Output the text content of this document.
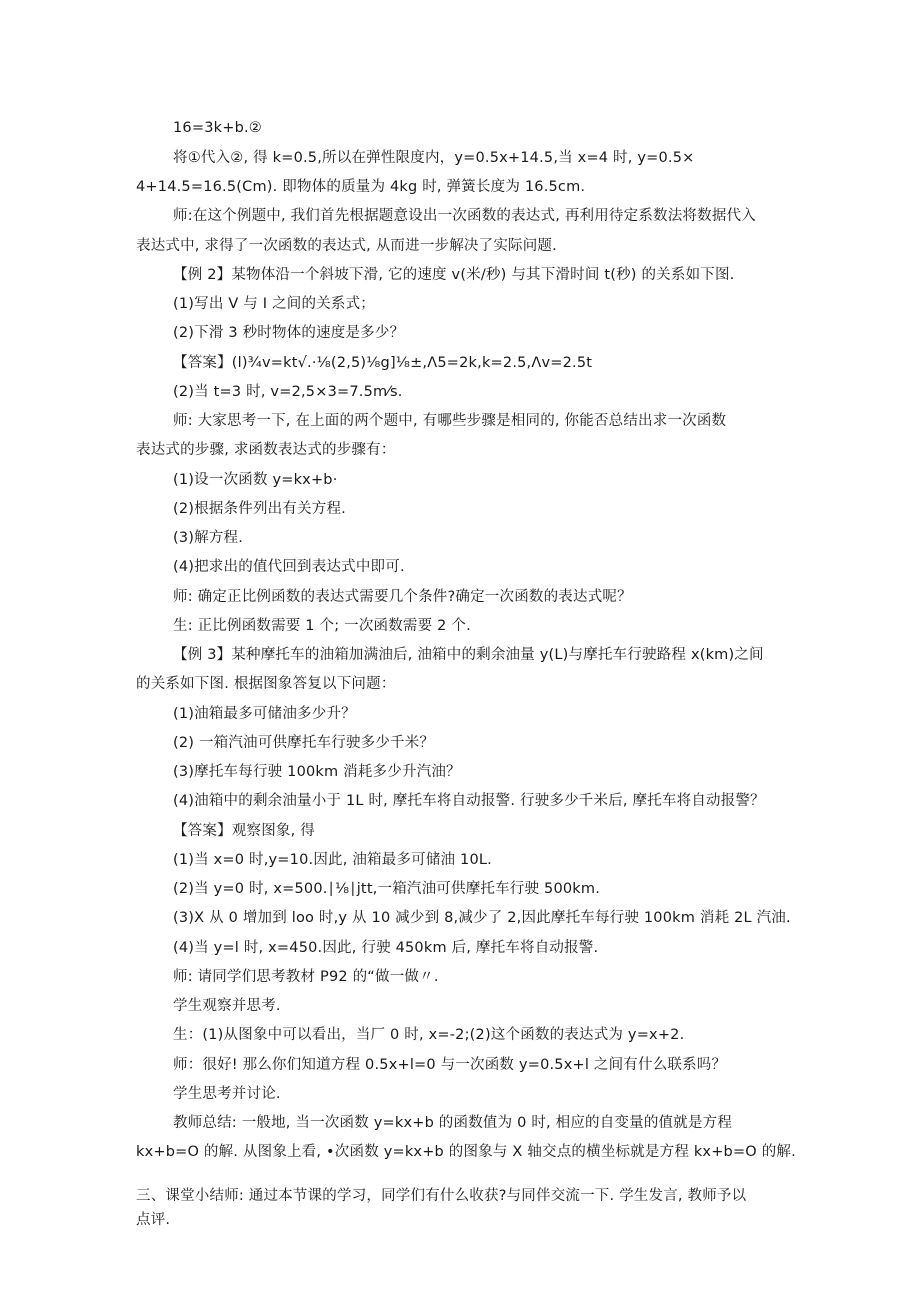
16=3k+b.②
将①代入②, 得 k=0.5,所以在弹性限度内，y=0.5x+14.5,当 x=4 时, y=0.5×
4+14.5=16.5(Cm). 即物体的质量为 4kg 时, 弹簧长度为 16.5cm.
师:在这个例题中, 我们首先根据题意设出一次函数的表达式, 再利用待定系数法将数据代入
表达式中, 求得了一次函数的表达式, 从而进一步解决了实际问题.
【例 2】某物体沿一个斜坡下滑, 它的速度 v(米/秒) 与其下滑时间 t(秒) 的关系如下图.
(1)写出 V 与 I 之间的关系式；
(2)下滑 3 秒时物体的速度是多少？
【答案】(l)¾v=kt√.·⅛(2,5)⅛g]⅛±,Λ5=2k,k=2.5,Λv=2.5t
(2)当 t=3 时, v=2,5×3=7.5m⁄s.
师: 大家思考一下, 在上面的两个题中, 有哪些步骤是相同的, 你能否总结出求一次函数
表达式的步骤, 求函数表达式的步骤有：
(1)设一次函数 y=kx+b·
(2)根据条件列出有关方程.
(3)解方程.
(4)把求出的值代回到表达式中即可.
师: 确定正比例函数的表达式需要几个条件?确定一次函数的表达式呢？
生: 正比例函数需要 1 个; 一次函数需要 2 个.
【例 3】某种摩托车的油箱加满油后, 油箱中的剩余油量 y(L)与摩托车行驶路程 x(km)之间
的关系如下图. 根据图象答复以下问题：
(1)油箱最多可储油多少升？
(2) 一箱汽油可供摩托车行驶多少千米？
(3)摩托车每行驶 100km 消耗多少升汽油？
(4)油箱中的剩余油量小于 1L 时, 摩托车将自动报警. 行驶多少千米后, 摩托车将自动报警？
【答案】观察图象, 得
(1)当 x=0 时,y=10.因此, 油箱最多可储油 10L.
(2)当 y=0 时, x=500.∣⅛∣jtt,一箱汽油可供摩托车行驶 500km.
(3)X 从 0 增加到 loo 时,y 从 10 减少到 8,减少了 2,因此摩托车每行驶 100km 消耗 2L 汽油.
(4)当 y=l 时, x=450.因此, 行驶 450km 后, 摩托车将自动报警.
师: 请同学们思考教材 P92 的“做一做〃.
学生观察并思考.
生：(1)从图象中可以看出，当厂 0 时, x=-2;(2)这个函数的表达式为 y=x+2.
师：很好! 那么你们知道方程 0.5x+l=0 与一次函数 y=0.5x+l 之间有什么联系吗？
学生思考并讨论.
教师总结: 一般地, 当一次函数 y=kx+b 的函数值为 0 时, 相应的自变量的值就是方程
kx+b=O 的解. 从图象上看, •次函数 y=kx+b 的图象与 X 轴交点的横坐标就是方程 kx+b=O 的解.
三、课堂小结师: 通过本节课的学习，同学们有什么收获?与同伴交流一下. 学生发言, 教师予以
点评.
